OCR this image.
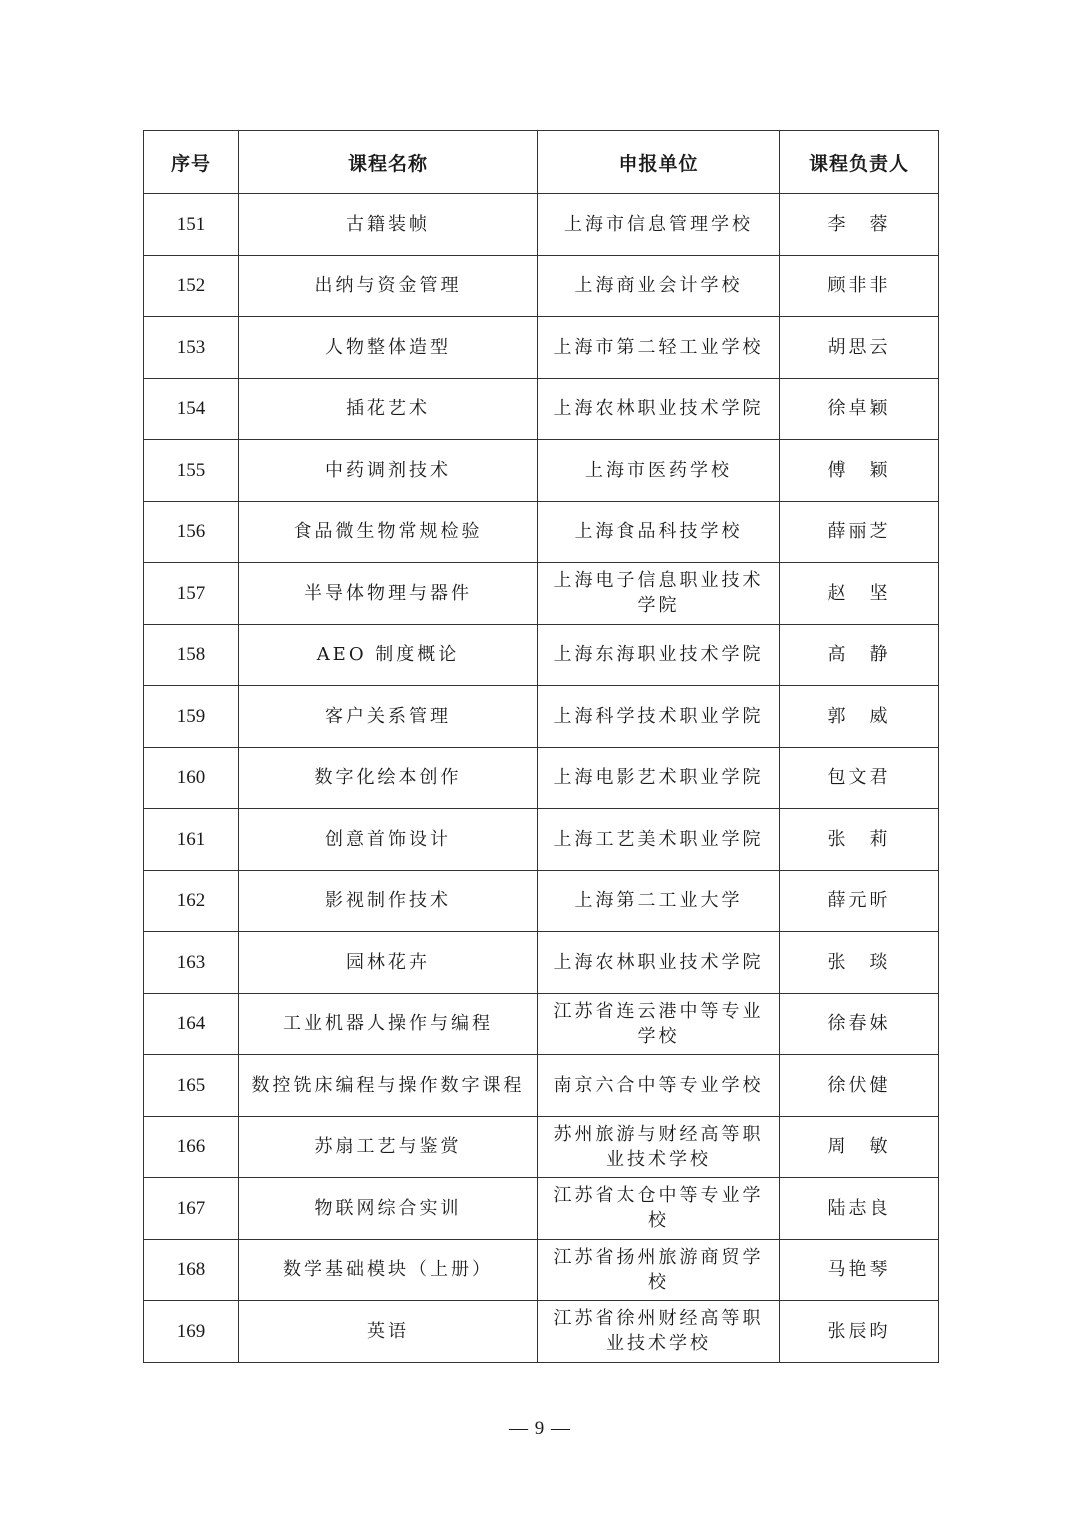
序号	课程名称	申报单位	课程负责人
151	古籍装帧	上海市信息管理学校	李　蓉
152	出纳与资金管理	上海商业会计学校	顾非非
153	人物整体造型	上海市第二轻工业学校	胡思云
154	插花艺术	上海农林职业技术学院	徐卓颖
155	中药调剂技术	上海市医药学校	傅　颖
156	食品微生物常规检验	上海食品科技学校	薛丽芝
157	半导体物理与器件	上海电子信息职业技术学院	赵　坚
158	AEO 制度概论	上海东海职业技术学院	高　静
159	客户关系管理	上海科学技术职业学院	郭　威
160	数字化绘本创作	上海电影艺术职业学院	包文君
161	创意首饰设计	上海工艺美术职业学院	张　莉
162	影视制作技术	上海第二工业大学	薛元昕
163	园林花卉	上海农林职业技术学院	张　琰
164	工业机器人操作与编程	江苏省连云港中等专业学校	徐春妹
165	数控铣床编程与操作数字课程	南京六合中等专业学校	徐伏健
166	苏扇工艺与鉴赏	苏州旅游与财经高等职业技术学校	周　敏
167	物联网综合实训	江苏省太仓中等专业学校	陆志良
168	数学基础模块（上册）	江苏省扬州旅游商贸学校	马艳琴
169	英语	江苏省徐州财经高等职业技术学校	张辰昀
— 9 —
